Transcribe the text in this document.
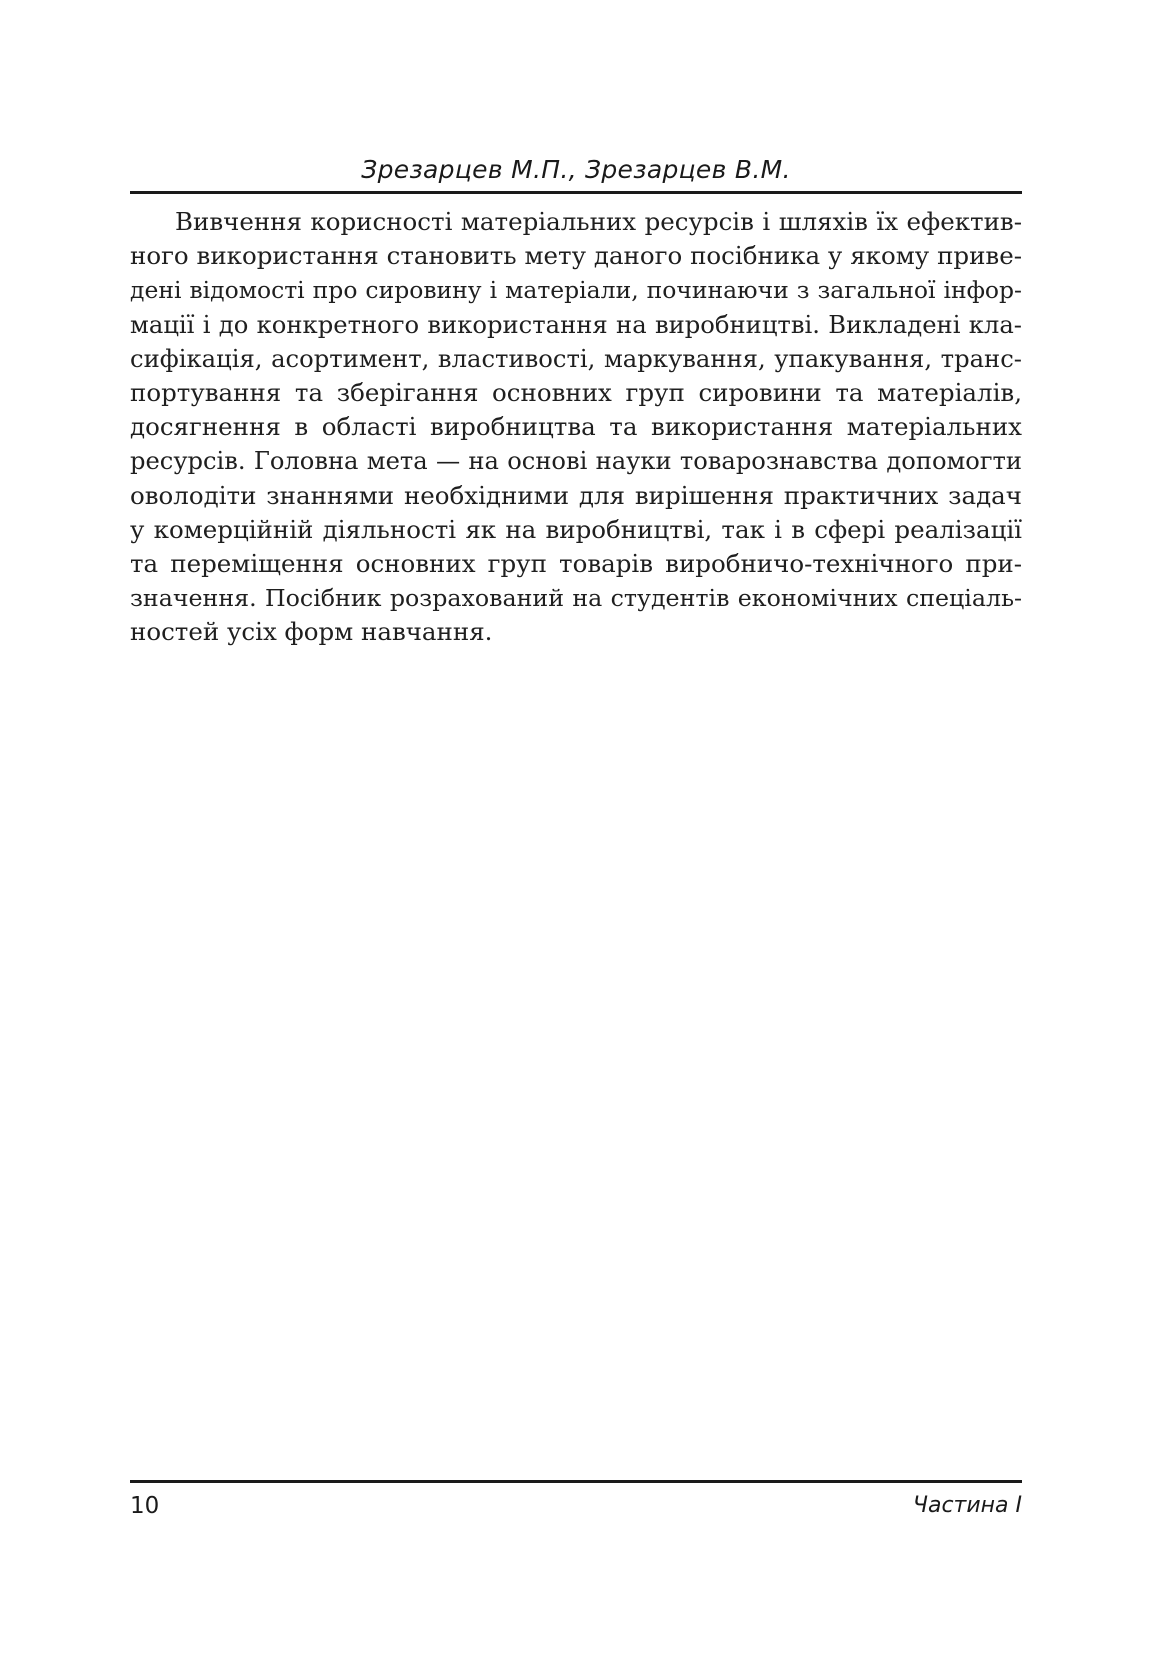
Зрезарцев М.П., Зрезарцев В.М.
Вивчення корисності матеріальних ресурсів і шляхів їх ефектив-
ного використання становить мету даного посібника у якому приве-
дені відомості про сировину і матеріали, починаючи з загальної інфор-
мації і до конкретного використання на виробництві. Викладені кла-
сифікація, асортимент, властивості, маркування, упакування, транс-
портування та зберігання основних груп сировини та матеріалів,
досягнення в області виробництва та використання матеріальних
ресурсів. Головна мета — на основі науки товарознавства допомогти
оволодіти знаннями необхідними для вирішення практичних задач
у комерційній діяльності як на виробництві, так і в сфері реалізації
та переміщення основних груп товарів виробничо-технічного при-
значення. Посібник розрахований на студентів економічних спеціаль-
ностей усіх форм навчання.
10	Частина I
